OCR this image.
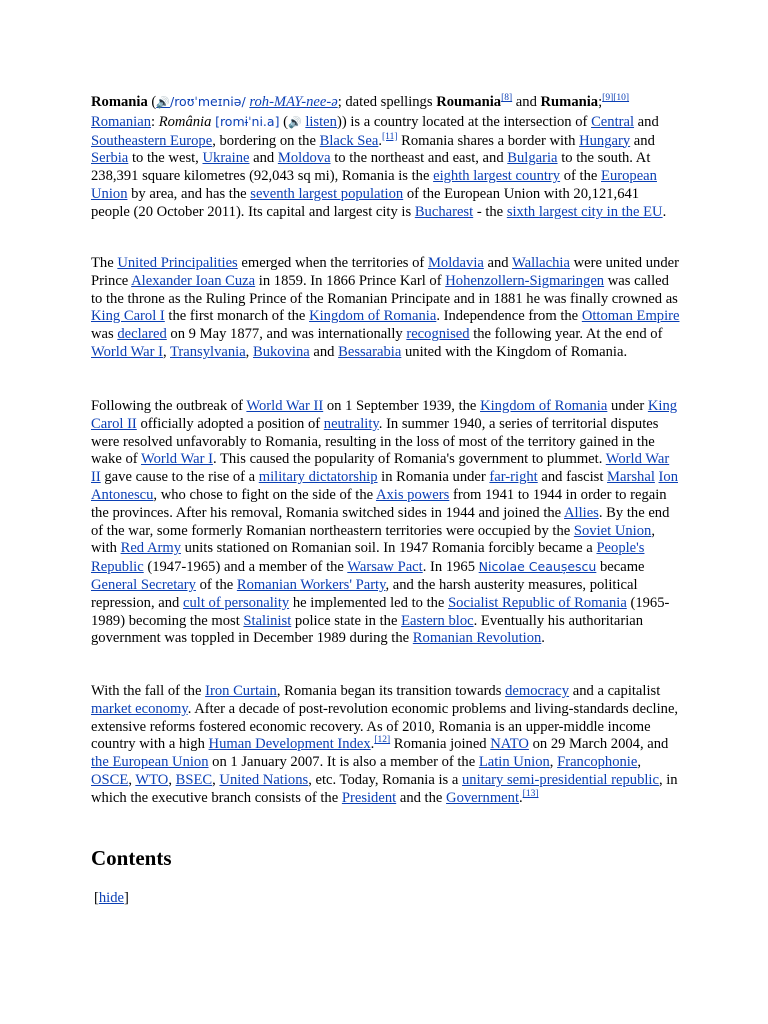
Romania (🔊/roʊˈmeɪniə/ roh-MAY-nee-ə; dated spellings Roumania[8] and Rumania;[9][10] Romanian: România [romɨˈni.a] (🔊 listen)) is a country located at the intersection of Central and Southeastern Europe, bordering on the Black Sea.[11] Romania shares a border with Hungary and Serbia to the west, Ukraine and Moldova to the northeast and east, and Bulgaria to the south. At 238,391 square kilometres (92,043 sq mi), Romania is the eighth largest country of the European Union by area, and has the seventh largest population of the European Union with 20,121,641 people (20 October 2011). Its capital and largest city is Bucharest - the sixth largest city in the EU.

The United Principalities emerged when the territories of Moldavia and Wallachia were united under Prince Alexander Ioan Cuza in 1859. In 1866 Prince Karl of Hohenzollern-Sigmaringen was called to the throne as the Ruling Prince of the Romanian Principate and in 1881 he was finally crowned as King Carol I the first monarch of the Kingdom of Romania. Independence from the Ottoman Empire was declared on 9 May 1877, and was internationally recognised the following year. At the end of World War I, Transylvania, Bukovina and Bessarabia united with the Kingdom of Romania.

Following the outbreak of World War II on 1 September 1939, the Kingdom of Romania under King Carol II officially adopted a position of neutrality. In summer 1940, a series of territorial disputes were resolved unfavorably to Romania, resulting in the loss of most of the territory gained in the wake of World War I. This caused the popularity of Romania's government to plummet. World War II gave cause to the rise of a military dictatorship in Romania under far-right and fascist Marshal Ion Antonescu, who chose to fight on the side of the Axis powers from 1941 to 1944 in order to regain the provinces. After his removal, Romania switched sides in 1944 and joined the Allies. By the end of the war, some formerly Romanian northeastern territories were occupied by the Soviet Union, with Red Army units stationed on Romanian soil. In 1947 Romania forcibly became a People's Republic (1947-1965) and a member of the Warsaw Pact. In 1965 Nicolae Ceaușescu became General Secretary of the Romanian Workers' Party, and the harsh austerity measures, political repression, and cult of personality he implemented led to the Socialist Republic of Romania (1965-1989) becoming the most Stalinist police state in the Eastern bloc. Eventually his authoritarian government was toppled in December 1989 during the Romanian Revolution.

With the fall of the Iron Curtain, Romania began its transition towards democracy and a capitalist market economy. After a decade of post-revolution economic problems and living-standards decline, extensive reforms fostered economic recovery. As of 2010, Romania is an upper-middle income country with a high Human Development Index.[12] Romania joined NATO on 29 March 2004, and the European Union on 1 January 2007. It is also a member of the Latin Union, Francophonie, OSCE, WTO, BSEC, United Nations, etc. Today, Romania is a unitary semi-presidential republic, in which the executive branch consists of the President and the Government.[13]

Contents
[hide]
